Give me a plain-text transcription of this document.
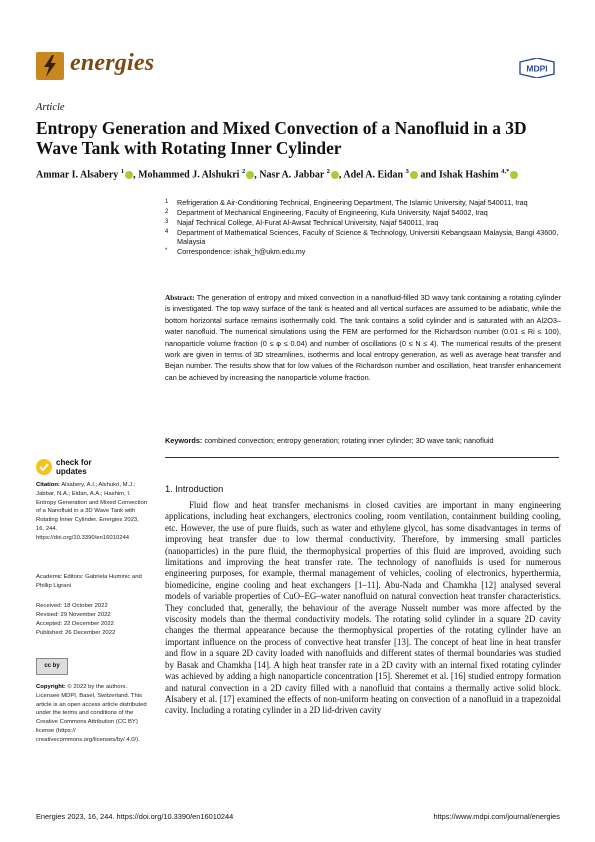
energies	MDPI
Article
Entropy Generation and Mixed Convection of a Nanofluid in a 3D Wave Tank with Rotating Inner Cylinder
Ammar I. Alsabery $^1$ , Mohammed J. Alshukri $^2$ , Nasr A. Jabbar $^2$ , Adel A. Eidan $^3$ and Ishak Hashim $^{4,*}$
1	Refrigeration & Air-Conditioning Technical, Engineering Department, The Islamic University, Najaf 540011, Iraq
2	Department of Mechanical Engineering, Faculty of Engineering, Kufa University, Najaf 54002, Iraq
3	Najaf Technical College, Al-Furat Al-Awsat Technical University, Najaf 540011, Iraq
4	Department of Mathematical Sciences, Faculty of Science & Technology, Universiti Kebangsaan Malaysia, Bangi 43600, Malaysia
*	Correspondence: ishak_h@ukm.edu.my
Abstract: The generation of entropy and mixed convection in a nanofluid-filled 3D wavy tank containing a rotating cylinder is investigated. The top wavy surface of the tank is heated and all vertical surfaces are assumed to be adiabatic, while the bottom horizontal surface remains isothermally cold. The tank contains a solid cylinder and is saturated with an Al2O3–water nanofluid. The numerical simulations using the FEM are performed for the Richardson number (0.01 ≤ Ri ≤ 100), nanoparticle volume fraction (0 ≤ φ ≤ 0.04) and number of oscillations (0 ≤ N ≤ 4). The numerical results of the present work are given in terms of 3D streamlines, isotherms and local entropy generation, as well as average heat transfer and Bejan number. The results show that for low values of the Richardson number and oscillation, heat transfer enhancement can be achieved by increasing the nanoparticle volume fraction.
Keywords: combined convection; entropy generation; rotating inner cylinder; 3D wave tank; nanofluid
check for updates
Citation: Alsabery, A.I.; Alshukri, M.J.; Jabbar, N.A.; Eidan, A.A.; Hashim, I. Entropy Generation and Mixed Convection of a Nanofluid in a 3D Wave Tank with Rotating Inner Cylinder. Energies 2023, 16, 244. https://doi.org/10.3390/en16010244
Academic Editors: Gabriela Huminic and Phillip Ligrani
Received: 18 October 2022
Revised: 29 November 2022
Accepted: 22 December 2022
Published: 26 December 2022
cc by
Copyright: © 2022 by the authors. Licensee MDPI, Basel, Switzerland. This article is an open access article distributed under the terms and conditions of the Creative Commons Attribution (CC BY) license (https:// creativecommons.org/licenses/by/ 4.0/).
1. Introduction
Fluid flow and heat transfer mechanisms in closed cavities are important in many engineering applications, including heat exchangers, electronics cooling, room ventilation, containment building cooling, etc. However, the use of pure fluids, such as water and ethylene glycol, has some disadvantages in terms of improving heat transfer due to low thermal conductivity. Therefore, by immersing small particles (nanoparticles) in the pure fluid, the thermophysical properties of this fluid are improved, avoiding such limitations and improving the heat transfer rate. The technology of nanofluids is used for numerous engineering purposes, for example, thermal management of vehicles, cooling of electronics, hyperthermia, biomedicine, engine cooling and heat exchangers [1–11]. Abu-Nada and Chamkha [12] analysed several models of variable properties of CuO–EG–water nanofluid on natural convection heat transfer characteristics. They concluded that, generally, the behaviour of the average Nusselt number was more affected by the viscosity models than the thermal conductivity models. The rotating solid cylinder in a square 2D cavity changes the thermal appearance because the thermophysical properties of the rotating cylinder have an important influence on the process of convective heat transfer [13]. The concept of heat line in heat transfer and flow in a square 2D cavity loaded with nanofluids and different states of thermal boundaries was studied by Basak and Chamkha [14]. A high heat transfer rate in a 2D cavity with an internal fixed rotating cylinder was achieved by adding a high nanoparticle concentration [15]. Sheremet et al. [16] studied entropy formation and natural convection in a 2D cavity filled with a nanofluid that contains a thermally active solid block. Alsabery et al. [17] examined the effects of non-uniform heating on convection of a nanofluid in a trapezoidal cavity. Including a rotating cylinder in a 2D lid-driven cavity
Energies 2023, 16, 244. https://doi.org/10.3390/en16010244	https://www.mdpi.com/journal/energies
